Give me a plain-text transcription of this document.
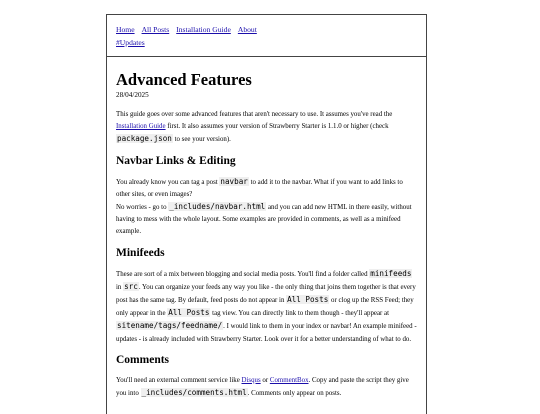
Home All Posts Installation Guide About
#Updates
Advanced Features
28/04/2025

This guide goes over some advanced features that aren't necessary to use. It assumes you've read the Installation Guide first. It also assumes your version of Strawberry Starter is 1.1.0 or higher (check package.json to see your version).

Navbar Links & Editing

You already know you can tag a post navbar to add it to the navbar. What if you want to add links to other sites, or even images?
No worries - go to _includes/navbar.html and you can add new HTML in there easily, without having to mess with the whole layout. Some examples are provided in comments, as well as a minifeed example.

Minifeeds

These are sort of a mix between blogging and social media posts. You'll find a folder called minifeeds in src. You can organize your feeds any way you like - the only thing that joins them together is that every post has the same tag. By default, feed posts do not appear in All Posts or clog up the RSS Feed; they only appear in the All Posts tag view. You can directly link to them though - they'll appear at sitename/tags/feedname/. I would link to them in your index or navbar! An example minifeed - updates - is already included with Strawberry Starter. Look over it for a better understanding of what to do.

Comments

You'll need an external comment service like Disqus or CommentBox. Copy and paste the script they give you into _includes/comments.html. Comments only appear on posts.
